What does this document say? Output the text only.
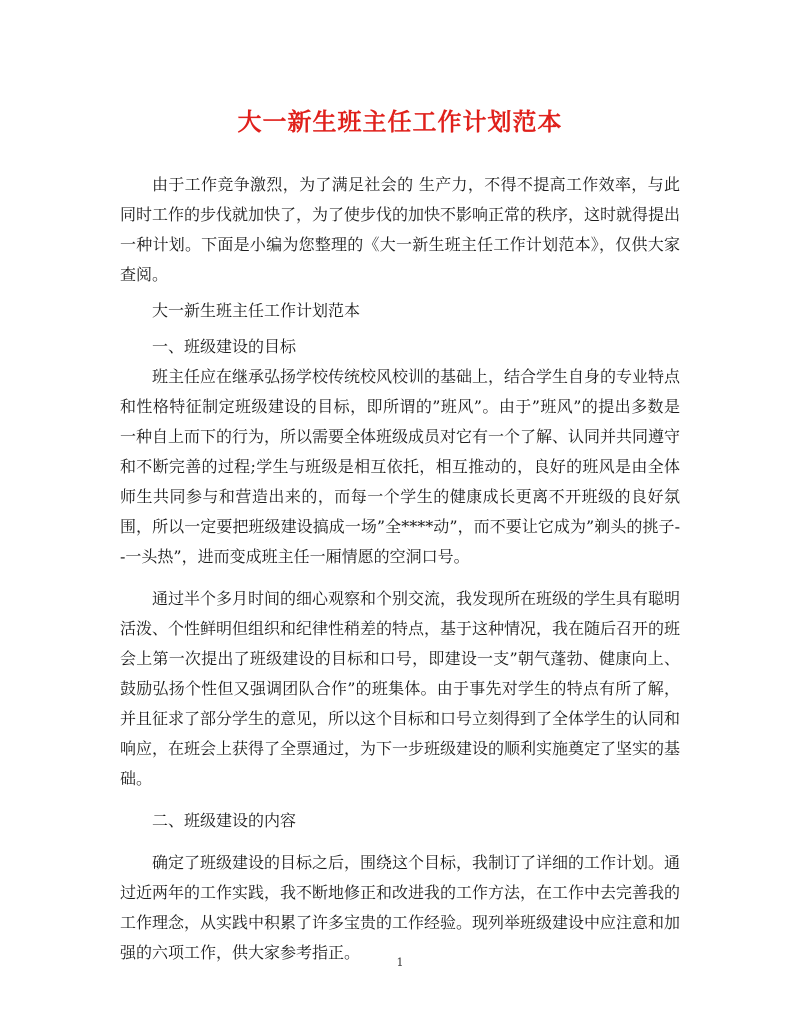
大一新生班主任工作计划范本

由于工作竞争激烈，为了满足社会的 生产力，不得不提高工作效率，与此同时工作的步伐就加快了，为了使步伐的加快不影响正常的秩序，这时就得提出一种计划。下面是小编为您整理的《大一新生班主任工作计划范本》，仅供大家查阅。

大一新生班主任工作计划范本

一、班级建设的目标

班主任应在继承弘扬学校传统校风校训的基础上，结合学生自身的专业特点和性格特征制定班级建设的目标，即所谓的”班风”。由于”班风”的提出多数是一种自上而下的行为，所以需要全体班级成员对它有一个了解、认同并共同遵守和不断完善的过程;学生与班级是相互依托，相互推动的，良好的班风是由全体师生共同参与和营造出来的，而每一个学生的健康成长更离不开班级的良好氛围，所以一定要把班级建设搞成一场”全****动”，而不要让它成为”剃头的挑子--一头热”，进而变成班主任一厢情愿的空洞口号。

通过半个多月时间的细心观察和个别交流，我发现所在班级的学生具有聪明活泼、个性鲜明但组织和纪律性稍差的特点，基于这种情况，我在随后召开的班会上第一次提出了班级建设的目标和口号，即建设一支”朝气蓬勃、健康向上、鼓励弘扬个性但又强调团队合作”的班集体。由于事先对学生的特点有所了解，并且征求了部分学生的意见，所以这个目标和口号立刻得到了全体学生的认同和响应，在班会上获得了全票通过，为下一步班级建设的顺利实施奠定了坚实的基础。

二、班级建设的内容

确定了班级建设的目标之后，围绕这个目标，我制订了详细的工作计划。通过近两年的工作实践，我不断地修正和改进我的工作方法，在工作中去完善我的工作理念，从实践中积累了许多宝贵的工作经验。现列举班级建设中应注意和加强的六项工作，供大家参考指正。

1
